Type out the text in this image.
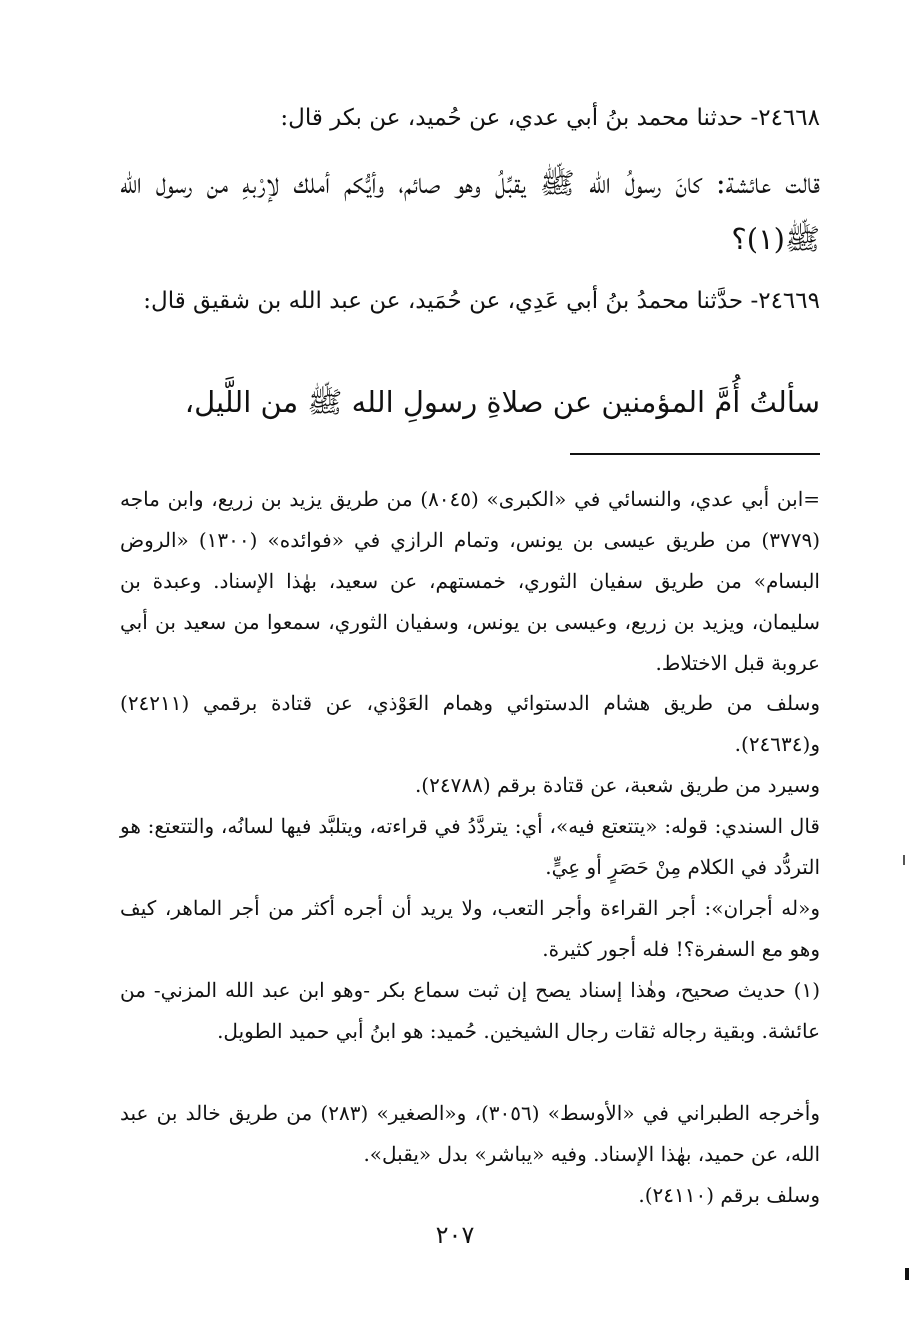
٢٤٦٦٨- حدثنا محمد بنُ أبي عدي، عن حُميد، عن بكر قال:

قالت عائشة: كانَ رسولُ الله ﷺ يقبِّلُ وهو صائم، وأيُّكم أملك لإرْبهِ من رسول الله ﷺ(١)؟

٢٤٦٦٩- حدَّثنا محمدُ بنُ أبي عَدِي، عن حُمَيد، عن عبد الله بن شقيق قال:

سألتُ أُمَّ المؤمنين عن صلاةِ رسولِ الله ﷺ من اللَّيل،

=ابن أبي عدي، والنسائي في «الكبرى» (٨٠٤٥) من طريق يزيد بن زريع، وابن ماجه (٣٧٧٩) من طريق عيسى بن يونس، وتمام الرازي في «فوائده» (١٣٠٠) «الروض البسام» من طريق سفيان الثوري، خمستهم، عن سعيد، بهٰذا الإسناد. وعبدة بن سليمان، ويزيد بن زريع، وعيسى بن يونس، وسفيان الثوري، سمعوا من سعيد بن أبي عروبة قبل الاختلاط.

وسلف من طريق هشام الدستوائي وهمام العَوْذي، عن قتادة برقمي (٢٤٢١١) و(٢٤٦٣٤).

وسيرد من طريق شعبة، عن قتادة برقم (٢٤٧٨٨).

قال السندي: قوله: «يتتعتع فيه»، أي: يتردَّدُ في قراءته، ويتلبَّد فيها لسانُه، والتتعتع: هو التردُّد في الكلام مِنْ حَصَرٍ أو عِيٍّ.

و«له أجران»: أجر القراءة وأجر التعب، ولا يريد أن أجره أكثر من أجر الماهر، كيف وهو مع السفرة؟! فله أجور كثيرة.

(١) حديث صحيح، وهٰذا إسناد يصح إن ثبت سماع بكر -وهو ابن عبد الله المزني- من عائشة. وبقية رجاله ثقات رجال الشيخين. حُميد: هو ابنُ أبي حميد الطويل.

وأخرجه الطبراني في «الأوسط» (٣٠٥٦)، و«الصغير» (٢٨٣) من طريق خالد بن عبد الله، عن حميد، بهٰذا الإسناد. وفيه «يباشر» بدل «يقبل».

وسلف برقم (٢٤١١٠).

٢٠٧
